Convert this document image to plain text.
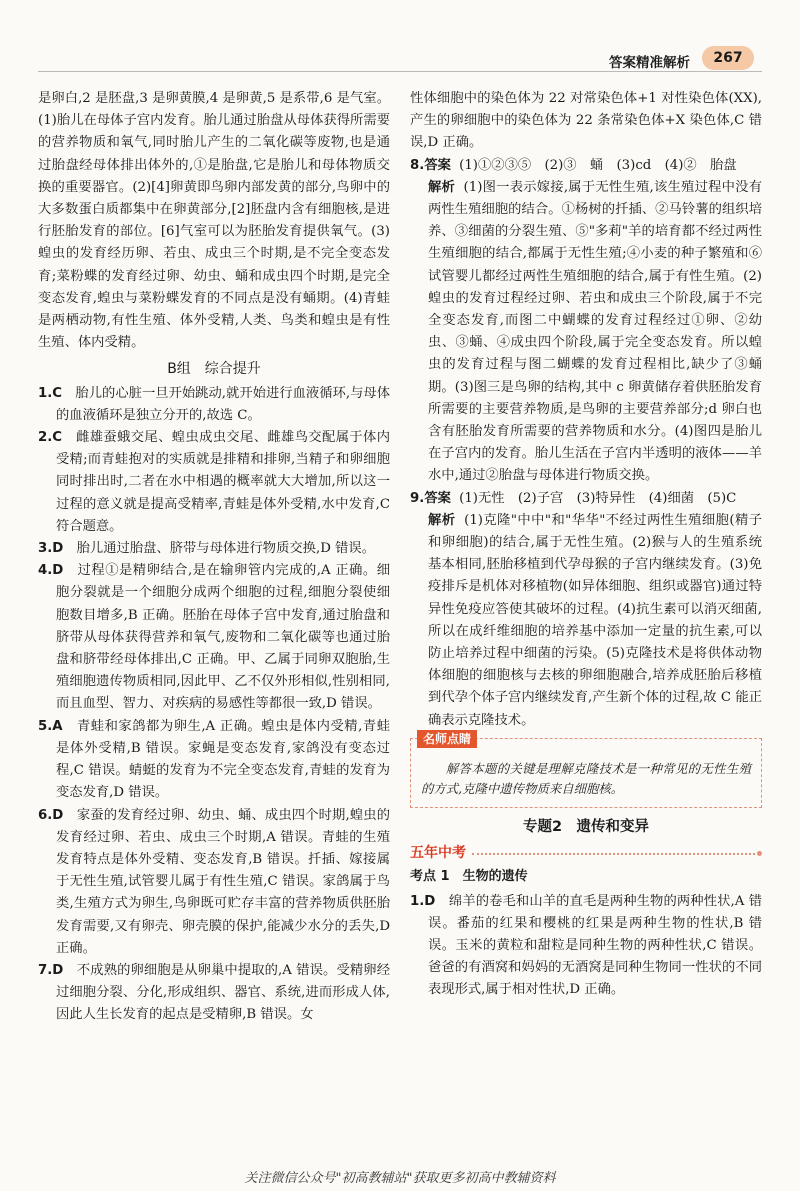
答案精准解析	267

是卵白,2 是胚盘,3 是卵黄膜,4 是卵黄,5 是系带,6 是气室。(1)胎儿在母体子宫内发育。胎儿通过胎盘从母体获得所需要的营养物质和氧气,同时胎儿产生的二氧化碳等废物,也是通过胎盘经母体排出体外的,①是胎盘,它是胎儿和母体物质交换的重要器官。(2)[4]卵黄即鸟卵内部发黄的部分,鸟卵中的大多数蛋白质都集中在卵黄部分,[2]胚盘内含有细胞核,是进行胚胎发育的部位。[6]气室可以为胚胎发育提供氧气。(3)蝗虫的发育经历卵、若虫、成虫三个时期,是不完全变态发育;菜粉蝶的发育经过卵、幼虫、蛹和成虫四个时期,是完全变态发育,蝗虫与菜粉蝶发育的不同点是没有蛹期。(4)青蛙是两栖动物,有性生殖、体外受精,人类、鸟类和蝗虫是有性生殖、体内受精。

B组　综合提升

1.C　 胎儿的心脏一旦开始跳动,就开始进行血液循环,与母体的血液循环是独立分开的,故选 C。

2.C　 雌雄蚕蛾交尾、蝗虫成虫交尾、雌雄鸟交配属于体内受精;而青蛙抱对的实质就是排精和排卵,当精子和卵细胞同时排出时,二者在水中相遇的概率就大大增加,所以这一过程的意义就是提高受精率,青蛙是体外受精,水中发育,C 符合题意。

3.D　 胎儿通过胎盘、脐带与母体进行物质交换,D 错误。

4.D　 过程①是精卵结合,是在输卵管内完成的,A 正确。细胞分裂就是一个细胞分成两个细胞的过程,细胞分裂使细胞数目增多,B 正确。胚胎在母体子宫中发育,通过胎盘和脐带从母体获得营养和氧气,废物和二氧化碳等也通过胎盘和脐带经母体排出,C 正确。甲、乙属于同卵双胞胎,生殖细胞遗传物质相同,因此甲、乙不仅外形相似,性别相同,而且血型、智力、对疾病的易感性等都很一致,D 错误。

5.A　 青蛙和家鸽都为卵生,A 正确。蝗虫是体内受精,青蛙是体外受精,B 错误。家蝇是变态发育,家鸽没有变态过程,C 错误。蜻蜓的发育为不完全变态发育,青蛙的发育为变态发育,D 错误。

6.D　 家蚕的发育经过卵、幼虫、蛹、成虫四个时期,蝗虫的发育经过卵、若虫、成虫三个时期,A 错误。青蛙的生殖发育特点是体外受精、变态发育,B 错误。扦插、嫁接属于无性生殖,试管婴儿属于有性生殖,C 错误。家鸽属于鸟类,生殖方式为卵生,鸟卵既可贮存丰富的营养物质供胚胎发育需要,又有卵壳、卵壳膜的保护,能减少水分的丢失,D 正确。

7.D　 不成熟的卵细胞是从卵巢中提取的,A 错误。受精卵经过细胞分裂、分化,形成组织、器官、系统,进而形成人体,因此人生长发育的起点是受精卵,B 错误。女

性体细胞中的染色体为 22 对常染色体+1 对性染色体(XX),产生的卵细胞中的染色体为 22 条常染色体+X 染色体,C 错误,D 正确。

8.答案 (1)①②③⑤　(2)③　蛹　(3)cd　(4)②　胎盘

解析 (1)图一表示嫁接,属于无性生殖,该生殖过程中没有两性生殖细胞的结合。①杨树的扦插、②马铃薯的组织培养、③细菌的分裂生殖、⑤"多莉"羊的培育都不经过两性生殖细胞的结合,都属于无性生殖;④小麦的种子繁殖和⑥试管婴儿都经过两性生殖细胞的结合,属于有性生殖。(2)蝗虫的发育过程经过卵、若虫和成虫三个阶段,属于不完全变态发育,而图二中蝴蝶的发育过程经过①卵、②幼虫、③蛹、④成虫四个阶段,属于完全变态发育。所以蝗虫的发育过程与图二蝴蝶的发育过程相比,缺少了③蛹期。(3)图三是鸟卵的结构,其中 c 卵黄储存着供胚胎发育所需要的主要营养物质,是鸟卵的主要营养部分;d 卵白也含有胚胎发育所需要的营养物质和水分。(4)图四是胎儿在子宫内的发育。胎儿生活在子宫内半透明的液体——羊水中,通过②胎盘与母体进行物质交换。

9.答案 (1)无性　(2)子宫　(3)特异性　(4)细菌　(5)C

解析 (1)克隆"中中"和"华华"不经过两性生殖细胞(精子和卵细胞)的结合,属于无性生殖。(2)猴与人的生殖系统基本相同,胚胎移植到代孕母猴的子宫内继续发育。(3)免疫排斥是机体对移植物(如异体细胞、组织或器官)通过特异性免疫应答使其破坏的过程。(4)抗生素可以消灭细菌,所以在成纤维细胞的培养基中添加一定量的抗生素,可以防止培养过程中细菌的污染。(5)克隆技术是将供体动物体细胞的细胞核与去核的卵细胞融合,培养成胚胎后移植到代孕个体子宫内继续发育,产生新个体的过程,故 C 能正确表示克隆技术。

名师点睛

解答本题的关键是理解克隆技术是一种常见的无性生殖的方式,克隆中遗传物质来自细胞核。

专题2　遗传和变异
五年中考
考点 1　生物的遗传

1.D　 绵羊的卷毛和山羊的直毛是两种生物的两种性状,A 错误。番茄的红果和樱桃的红果是两种生物的性状,B 错误。玉米的黄粒和甜粒是同种生物的两种性状,C 错误。爸爸的有酒窝和妈妈的无酒窝是同种生物同一性状的不同表现形式,属于相对性状,D 正确。

关注微信公众号"初高教辅站"获取更多初高中教辅资料
